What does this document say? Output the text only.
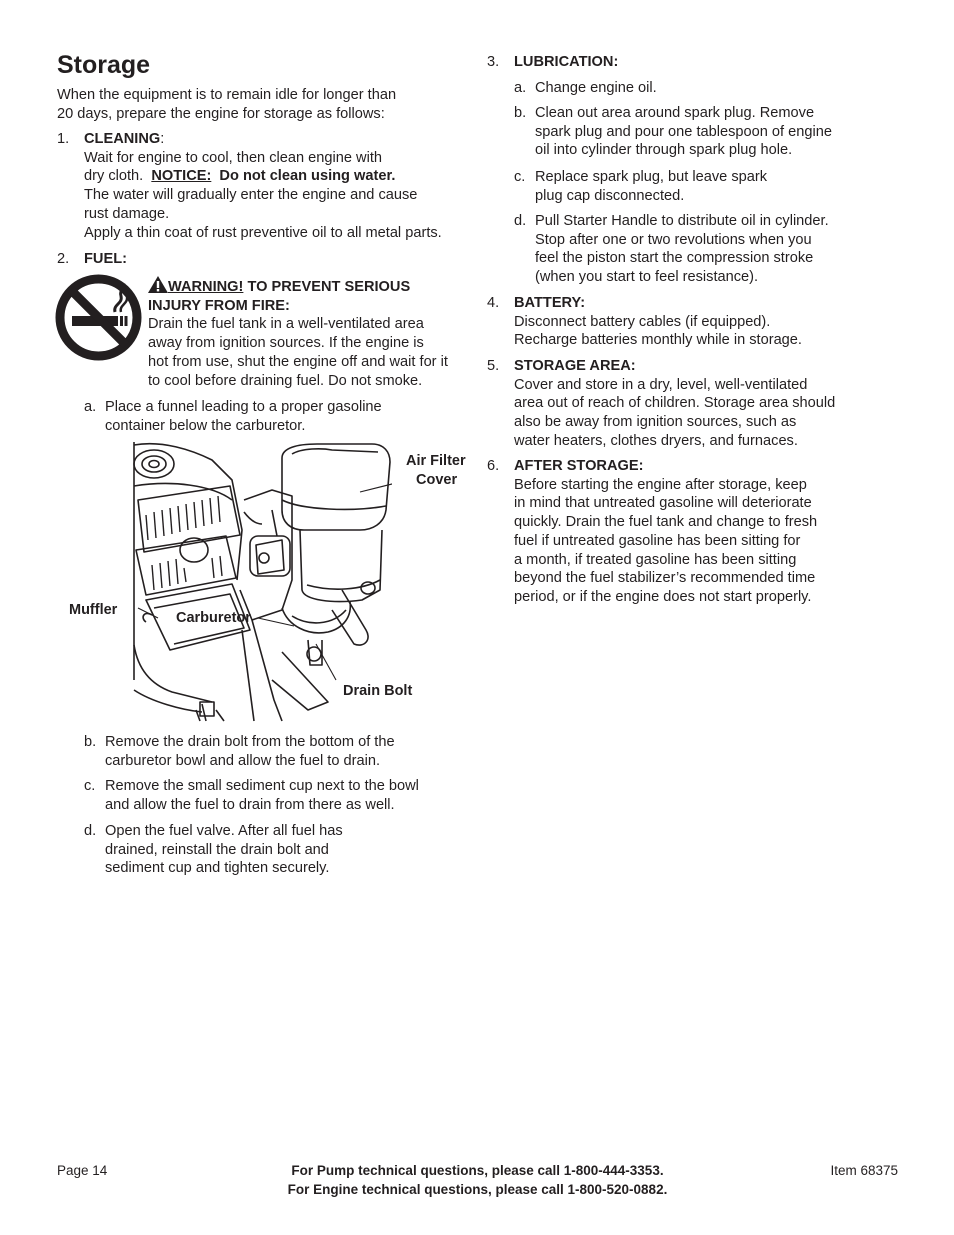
Storage

When the equipment is to remain idle for longer than

20 days, prepare the engine for storage as follows:

1. CLEANING:

Wait for engine to cool, then clean engine with

dry cloth.  NOTICE:  Do not clean using water.

The water will gradually enter the engine and cause

rust damage.

Apply a thin coat of rust preventive oil to all metal parts.

2. FUEL:

WARNING! TO PREVENT SERIOUS

INJURY FROM FIRE:

Drain the fuel tank in a well-ventilated area

away from ignition sources. If the engine is

hot from use, shut the engine off and wait for it

to cool before draining fuel. Do not smoke.

a. Place a funnel leading to a proper gasoline

container below the carburetor.

Air Filter
Cover
Muffler	Carburetor
Drain Bolt
b. Remove the drain bolt from the bottom of the

carburetor bowl and allow the fuel to drain.

c. Remove the small sediment cup next to the bowl

and allow the fuel to drain from there as well.

d. Open the fuel valve. After all fuel has

drained, reinstall the drain bolt and

sediment cup and tighten securely.

3. LUBRICATION:
a. Change engine oil.

b. Clean out area around spark plug. Remove

spark plug and pour one tablespoon of engine

oil into cylinder through spark plug hole.

c. Replace spark plug, but leave spark

plug cap disconnected.

d. Pull Starter Handle to distribute oil in cylinder.

Stop after one or two revolutions when you

feel the piston start the compression stroke

(when you start to feel resistance).

4. BATTERY:

Disconnect battery cables (if equipped).

Recharge batteries monthly while in storage.

5. STORAGE AREA:

Cover and store in a dry, level, well-ventilated

area out of reach of children. Storage area should

also be away from ignition sources, such as

water heaters, clothes dryers, and furnaces.

6. AFTER STORAGE:

Before starting the engine after storage, keep

in mind that untreated gasoline will deteriorate

quickly. Drain the fuel tank and change to fresh

fuel if untreated gasoline has been sitting for

a month, if treated gasoline has been sitting

beyond the fuel stabilizer’s recommended time

period, or if the engine does not start properly.

Page 14	For Pump technical questions, please call 1-800-444-3353.

For Engine technical questions, please call 1-800-520-0882.

Item 68375
